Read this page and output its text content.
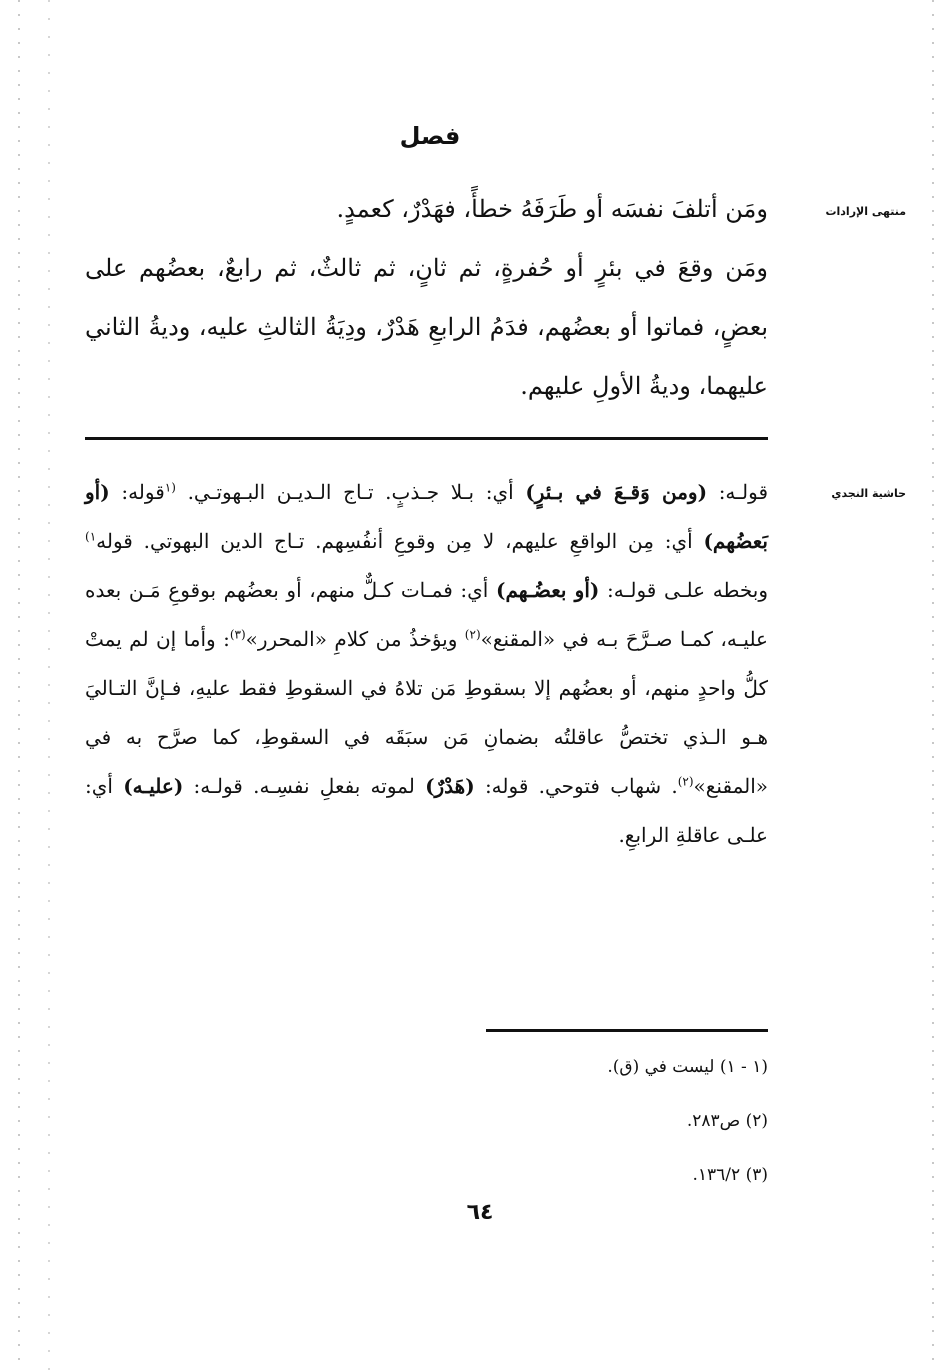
فصل
منتهى الإرادات

ومَن أتلفَ نفسَه أو طَرَفَهُ خطأً، فهَدْرٌ، كعمدٍ.

ومَن وقعَ في بئرٍ أو حُفرةٍ، ثم ثانٍ، ثم ثالثٌ، ثم رابعٌ، بعضُهم على بعضٍ، فماتوا أو بعضُهم، فدَمُ الرابعِ هَدْرٌ، ودِيَةُ الثالثِ عليه، وديةُ الثاني عليهما، وديةُ الأولِ عليهم.

حاشية النجدي

قولـه: (ومن وَقـعَ في بـئرٍ) أي: بـلا جـذبٍ. تـاج الـديـن البـهوتـي. $^{(١}$قوله: (أو بَعضُهم) أي: مِن الواقعِ عليهم، لا مِن وقوعِ أنفُسِهم. تـاج الدين البهوتي. قوله$^{١)}$ وبخطه علـى قولـه: (أو بعضُـهم) أي: فمـات كـلٌّ منهم، أو بعضُهم بوقوعِ مَـن بعده عليـه، كمـا صـرَّحَ بـه في «المقنع»$^{(٢)}$ ويؤخذُ من كلامِ «المحرر»$^{(٣)}$: وأما إن لم يمتْ كلُّ واحدٍ منهم، أو بعضُهم إلا بسقوطِ مَن تلاهُ في السقوطِ فقط عليهِ، فـإنَّ التـاليَ هـو الـذي تختصُّ عاقلتُه بضمانِ مَن سبَقَه في السقوطِ، كما صرَّح به في «المقنع»$^{(٢)}$. شهاب فتوحي. قوله: (هَدْرٌ) لموته بفعلِ نفسِـه. قولـه: (عليـه) أي: علـى عاقلةِ الرابعِ.

(١ - ١) ليست في (ق).
(٢) ص٢٨٣.
(٣) ١٣٦/٢.
٦٤
